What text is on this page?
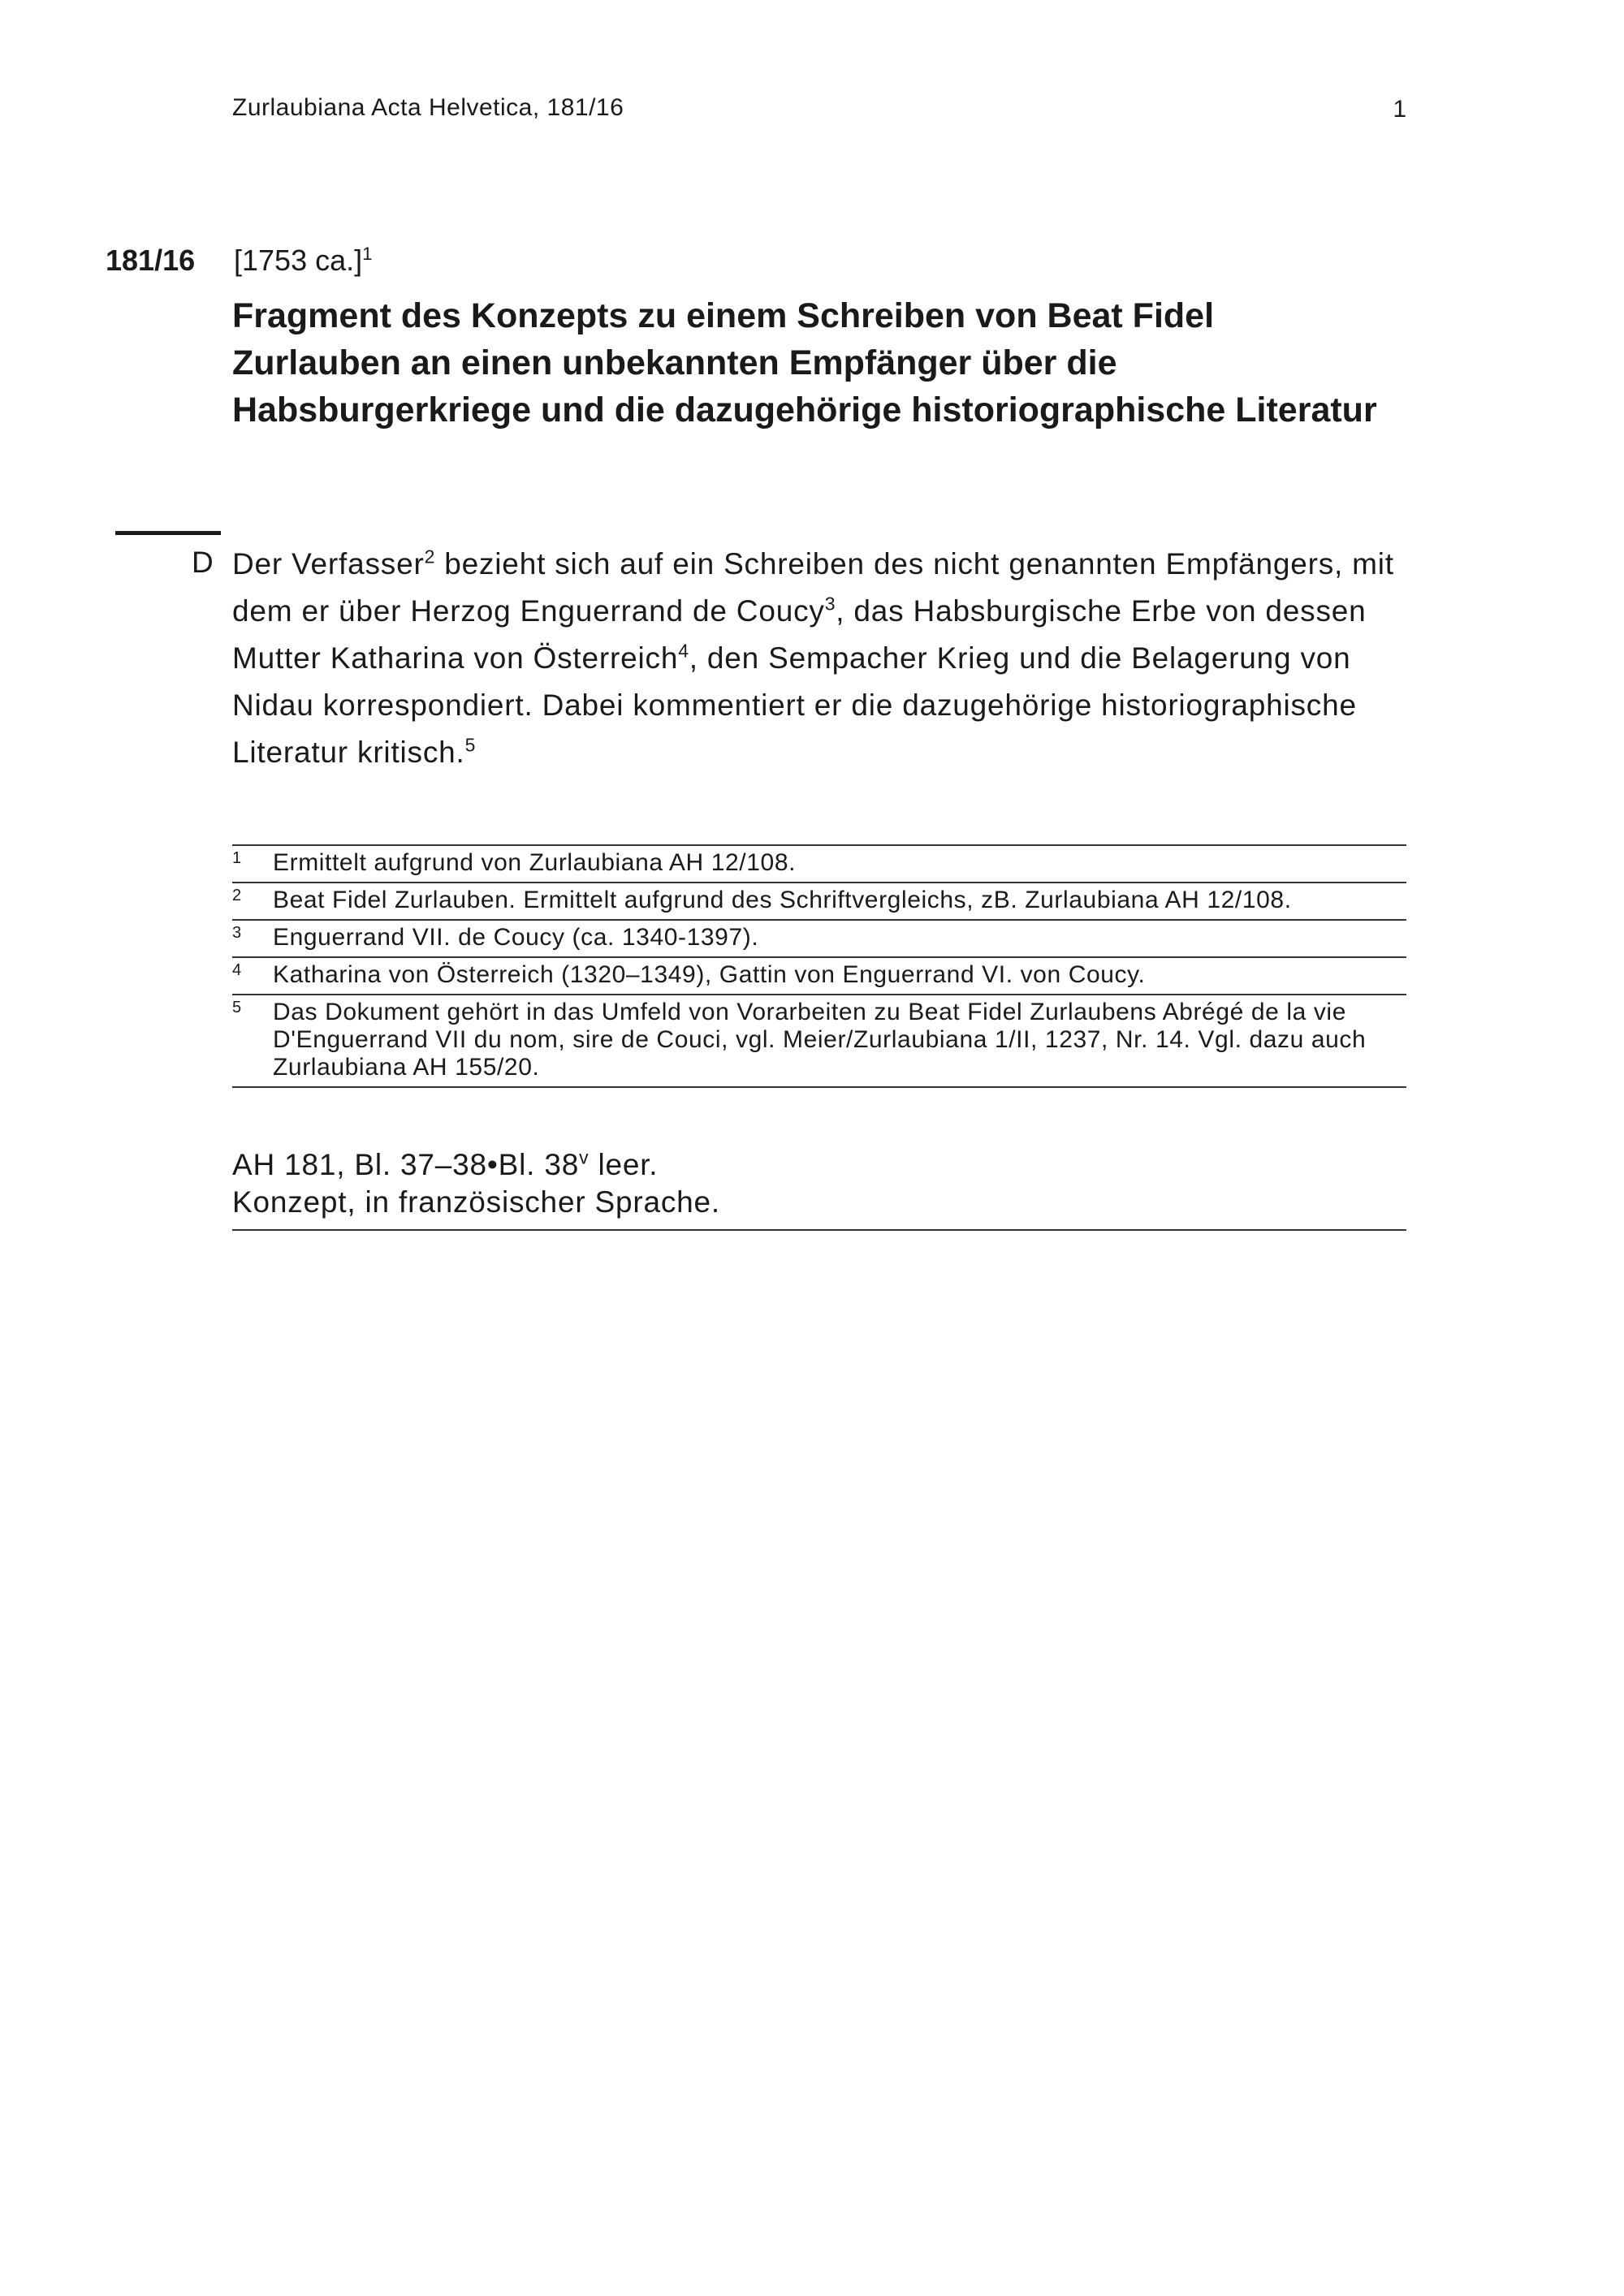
Zurlaubiana Acta Helvetica, 181/16	1
181/16 [1753 ca.]$^1$
Fragment des Konzepts zu einem Schreiben von Beat Fidel Zurlauben an einen unbekannten Empfänger über die Habsburgerkriege und die dazugehörige historiographische Literatur
D Der Verfasser$^2$ bezieht sich auf ein Schreiben des nicht genannten Empfängers, mit dem er über Herzog Enguerrand de Coucy$^3$, das Habsburgische Erbe von dessen Mutter Katharina von Österreich$^4$, den Sempacher Krieg und die Belagerung von Nidau korrespondiert. Dabei kommentiert er die dazugehörige historiographische Literatur kritisch.$^5$
1	Ermittelt aufgrund von Zurlaubiana AH 12/108.
2	Beat Fidel Zurlauben. Ermittelt aufgrund des Schriftvergleichs, zB. Zurlaubiana AH 12/108.
3	Enguerrand VII. de Coucy (ca. 1340-1397).
4	Katharina von Österreich (1320–1349), Gattin von Enguerrand VI. von Coucy.
5	Das Dokument gehört in das Umfeld von Vorarbeiten zu Beat Fidel Zurlaubens Abrégé de la vie D'Enguerrand VII du nom, sire de Couci, vgl. Meier/Zurlaubiana 1/II, 1237, Nr. 14. Vgl. dazu auch Zurlaubiana AH 155/20.
AH 181, Bl. 37–38•Bl. 38$^v$ leer.
Konzept, in französischer Sprache.
